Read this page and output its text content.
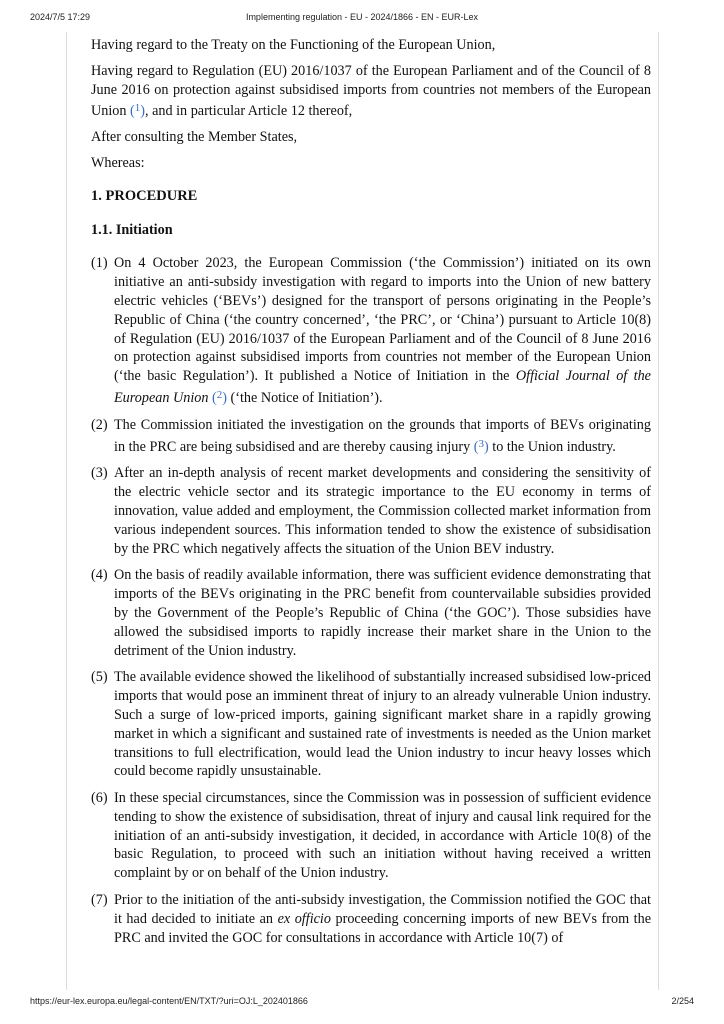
2024/7/5 17:29	Implementing regulation - EU - 2024/1866 - EN - EUR-Lex

Having regard to the Treaty on the Functioning of the European Union,

Having regard to Regulation (EU) 2016/1037 of the European Parliament and of the Council of 8 June 2016 on protection against subsidised imports from countries not members of the European Union ($^1$), and in particular Article 12 thereof,

After consulting the Member States,

Whereas:

1. PROCEDURE
1.1. Initiation
(1) On 4 October 2023, the European Commission (‘the Commission’) initiated on its own initiative an anti-subsidy investigation with regard to imports into the Union of new battery electric vehicles (‘BEVs’) designed for the transport of persons originating in the People’s Republic of China (‘the country concerned’, ‘the PRC’, or ‘China’) pursuant to Article 10(8) of Regulation (EU) 2016/1037 of the European Parliament and of the Council of 8 June 2016 on protection against subsidised imports from countries not member of the European Union (‘the basic Regulation’). It published a Notice of Initiation in the Official Journal of the European Union ($^2$) (‘the Notice of Initiation’).
(2) The Commission initiated the investigation on the grounds that imports of BEVs originating in the PRC are being subsidised and are thereby causing injury ($^3$) to the Union industry.
(3) After an in-depth analysis of recent market developments and considering the sensitivity of the electric vehicle sector and its strategic importance to the EU economy in terms of innovation, value added and employment, the Commission collected market information from various independent sources. This information tended to show the existence of subsidisation by the PRC which negatively affects the situation of the Union BEV industry.
(4) On the basis of readily available information, there was sufficient evidence demonstrating that imports of the BEVs originating in the PRC benefit from countervailable subsidies provided by the Government of the People’s Republic of China (‘the GOC’). Those subsidies have allowed the subsidised imports to rapidly increase their market share in the Union to the detriment of the Union industry.
(5) The available evidence showed the likelihood of substantially increased subsidised low-priced imports that would pose an imminent threat of injury to an already vulnerable Union industry. Such a surge of low-priced imports, gaining significant market share in a rapidly growing market in which a significant and sustained rate of investments is needed as the Union market transitions to full electrification, would lead the Union industry to incur heavy losses which could become rapidly unsustainable.
(6) In these special circumstances, since the Commission was in possession of sufficient evidence tending to show the existence of subsidisation, threat of injury and causal link required for the initiation of an anti-subsidy investigation, it decided, in accordance with Article 10(8) of the basic Regulation, to proceed with such an initiation without having received a written complaint by or on behalf of the Union industry.
(7) Prior to the initiation of the anti-subsidy investigation, the Commission notified the GOC that it had decided to initiate an ex officio proceeding concerning imports of new BEVs from the PRC and invited the GOC for consultations in accordance with Article 10(7) of
https://eur-lex.europa.eu/legal-content/EN/TXT/?uri=OJ:L_202401866	2/254
